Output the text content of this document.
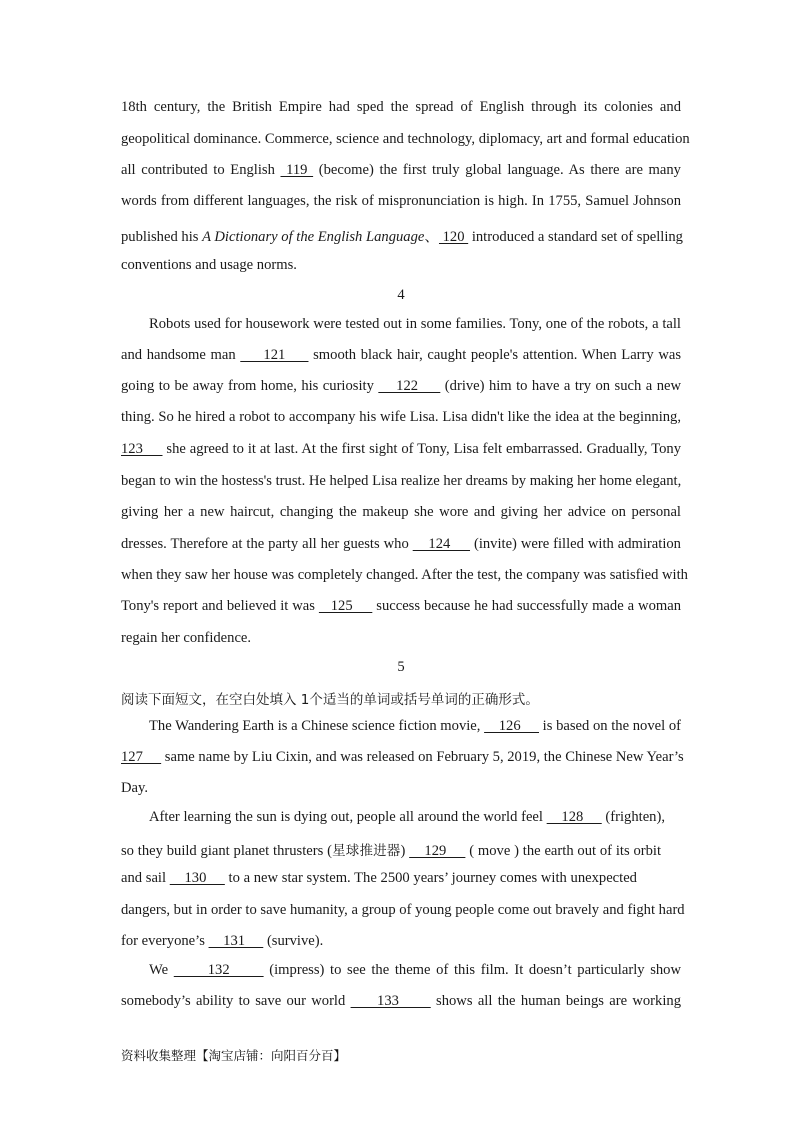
18th century, the British Empire had sped the spread of English through its colonies and
geopolitical dominance. Commerce, science and technology, diplomacy, art and formal education
all contributed to English  119  (become) the first truly global language. As there are many
words from different languages, the risk of mispronunciation is high. In 1755, Samuel Johnson
published his A Dictionary of the English Language、 120  introduced a standard set of spelling
conventions and usage norms.
4
Robots used for housework were tested out in some families. Tony, one of the robots, a tall
and handsome man      121      smooth black hair, caught people's attention. When Larry was
going to be away from home, his curiosity     122      (drive) him to have a try on such a new
thing. So he hired a robot to accompany his wife Lisa. Lisa didn't like the idea at the beginning,
123      she agreed to it at last. At the first sight of Tony, Lisa felt embarrassed. Gradually, Tony
began to win the hostess's trust. He helped Lisa realize her dreams by making her home elegant,
giving her a new haircut, changing the makeup she wore and giving her advice on personal
dresses. Therefore at the party all her guests who     124      (invite) were filled with admiration
when they saw her house was completely changed. After the test, the company was satisfied with
Tony's report and believed it was    125      success because he had successfully made a woman
regain her confidence.
5
阅读下面短文，在空白处填入 1个适当的单词或括号单词的正确形式。
The Wandering Earth is a Chinese science fiction movie,     126      is based on the novel of
127      same name by Liu Cixin, and was released on February 5, 2019, the Chinese New Year’s
Day.
After learning the sun is dying out, people all around the world feel     128      (frighten),
so they build giant planet thrusters (星球推进器)     129      ( move ) the earth out of its orbit
and sail     130      to a new star system. The 2500 years’ journey comes with unexpected
dangers, but in order to save humanity, a group of young people come out bravely and fight hard
for everyone’s     131      (survive).
We       132       (impress) to see the theme of this film. It doesn’t particularly show
somebody’s ability to save our world      133       shows all the human beings are working
资料收集整理【淘宝店铺：向阳百分百】
